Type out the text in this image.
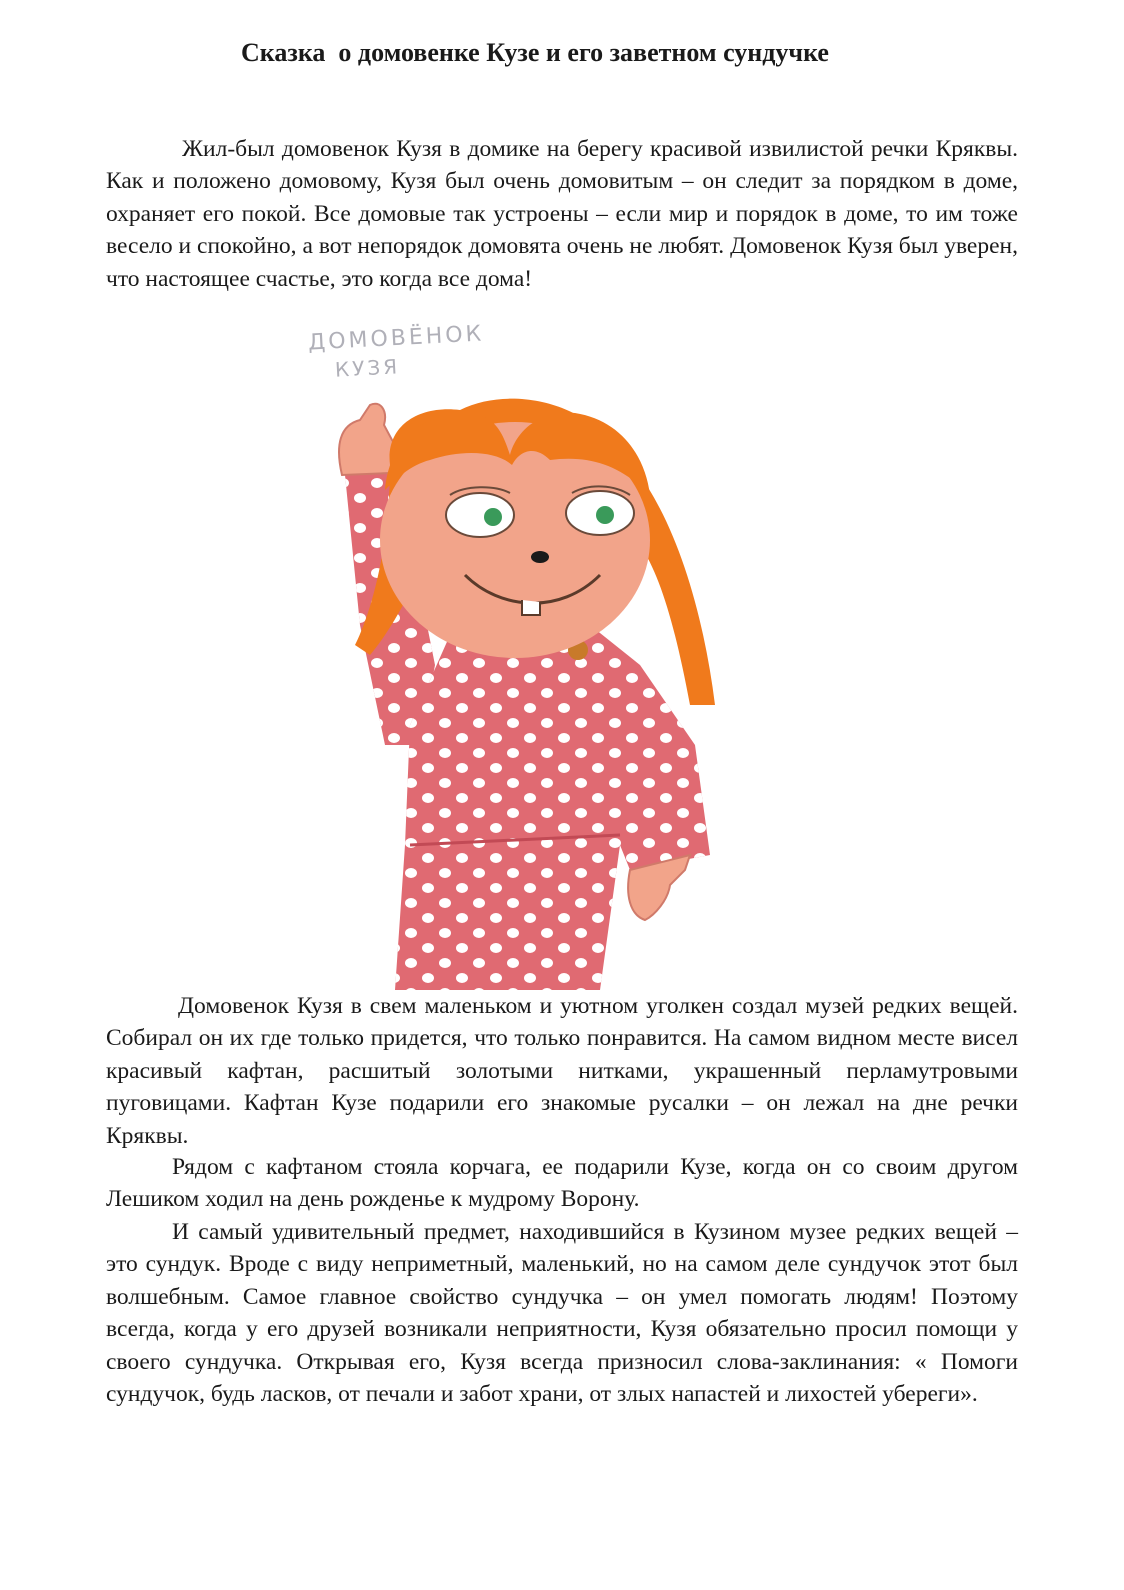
Сказка  о домовенке Кузе и его заветном сундучке

Жил-был домовенок Кузя в домике на берегу красивой извилистой речки Кряквы. Как и положено домовому, Кузя был очень домовитым – он следит за порядком в доме, охраняет его покой. Все домовые так устроены – если мир и порядок в доме, то им тоже весело и спокойно, а вот непорядок домовята очень не любят. Домовенок Кузя был уверен, что настоящее счастье, это когда все дома!

ДОМОВЁНОК
КУЗЯ

Домовенок Кузя в свем маленьком и уютном уголкен создал музей редких вещей. Собирал он их где только придется, что только понравится. На самом видном месте висел красивый кафтан, расшитый золотыми нитками, украшенный перламутровыми пуговицами. Кафтан Кузе подарили его знакомые русалки – он лежал на дне речки Кряквы.

Рядом с кафтаном стояла корчага, ее подарили Кузе, когда он со своим другом Лешиком ходил на день рожденье к мудрому Ворону.

И самый удивительный предмет, находившийся в Кузином музее редких вещей – это сундук. Вроде с виду неприметный, маленький, но на самом деле сундучок этот был волшебным. Самое главное свойство сундучка – он умел помогать людям! Поэтому всегда, когда у его друзей возникали неприятности, Кузя обязательно просил помощи у своего сундучка. Открывая его, Кузя всегда признoсил слова-заклинания: « Помоги сундучок, будь ласков, от печали и забот храни, от злых напастей и лихостей убереги».
